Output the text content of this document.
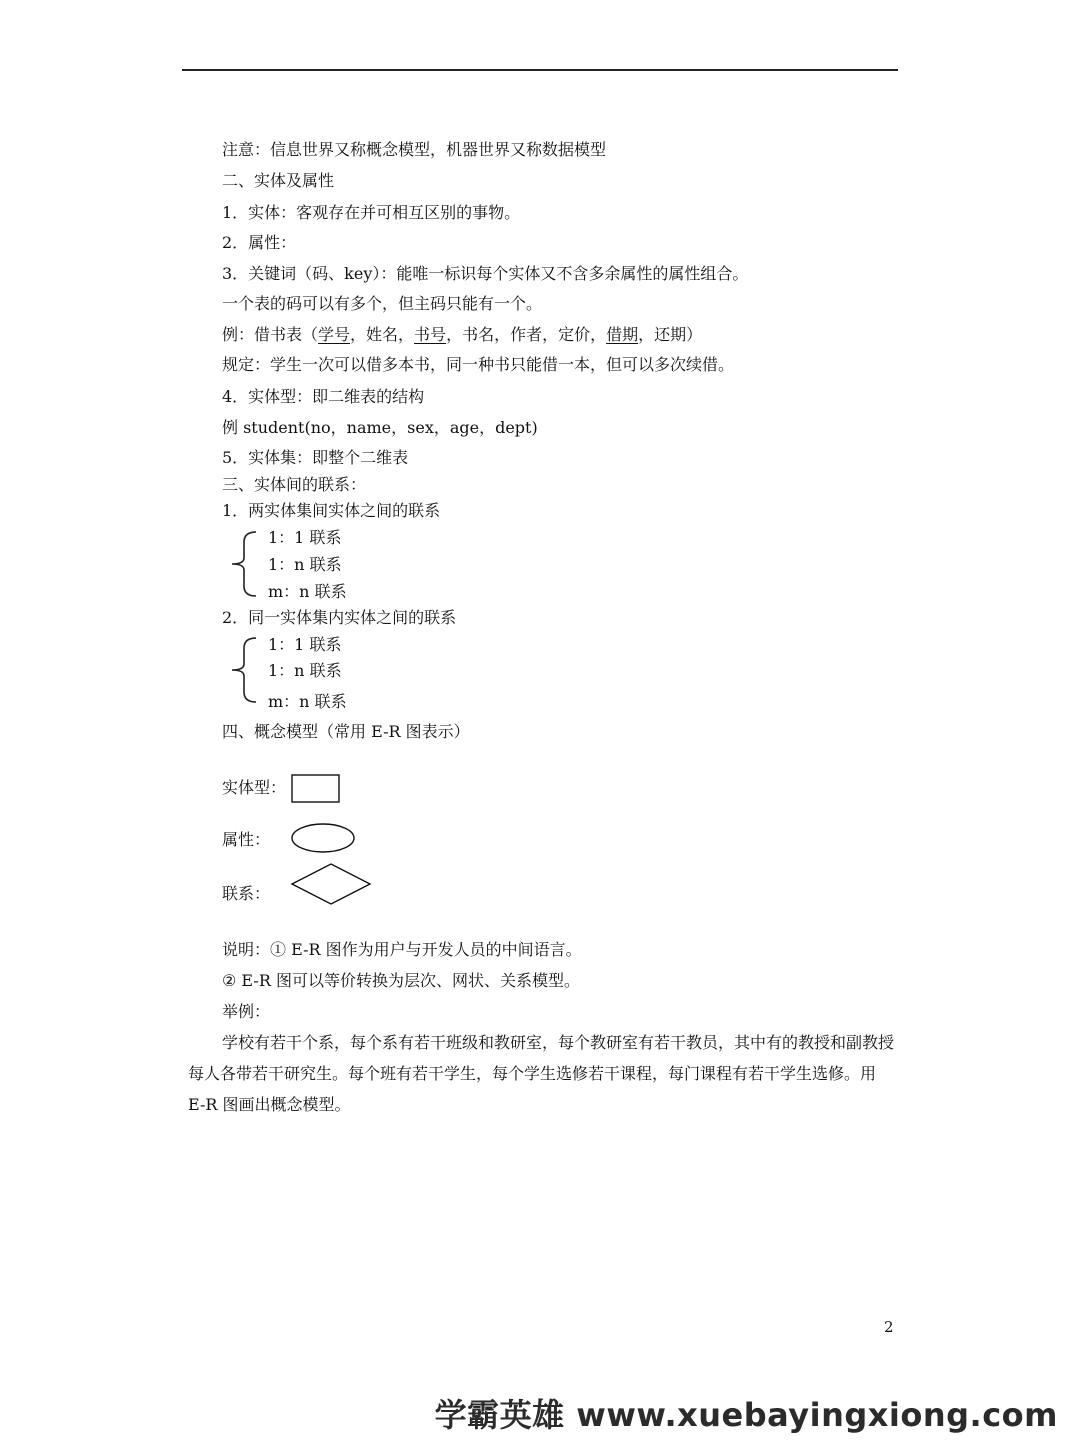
注意：信息世界又称概念模型，机器世界又称数据模型
二、实体及属性
1．实体：客观存在并可相互区别的事物。
2．属性：
3．关键词（码、key）：能唯一标识每个实体又不含多余属性的属性组合。
一个表的码可以有多个，但主码只能有一个。
例：借书表（学号，姓名，书号，书名，作者，定价，借期，还期）
规定：学生一次可以借多本书，同一种书只能借一本，但可以多次续借。
4．实体型：即二维表的结构
例 student(no，name，sex，age，dept)
5．实体集：即整个二维表
三、实体间的联系：
1．两实体集间实体之间的联系
1：1 联系
1：n 联系
m：n 联系
2．同一实体集内实体之间的联系
1：1 联系
1：n 联系
m：n 联系
四、概念模型（常用 E-R 图表示）
实体型：
属性：
联系：
说明：① E-R 图作为用户与开发人员的中间语言。
② E-R 图可以等价转换为层次、网状、关系模型。
举例：
学校有若干个系，每个系有若干班级和教研室，每个教研室有若干教员，其中有的教授和副教授每人各带若干研究生。每个班有若干学生，每个学生选修若干课程，每门课程有若干学生选修。用 E-R 图画出概念模型。
2
学霸英雄 www.xuebayingxiong.com
